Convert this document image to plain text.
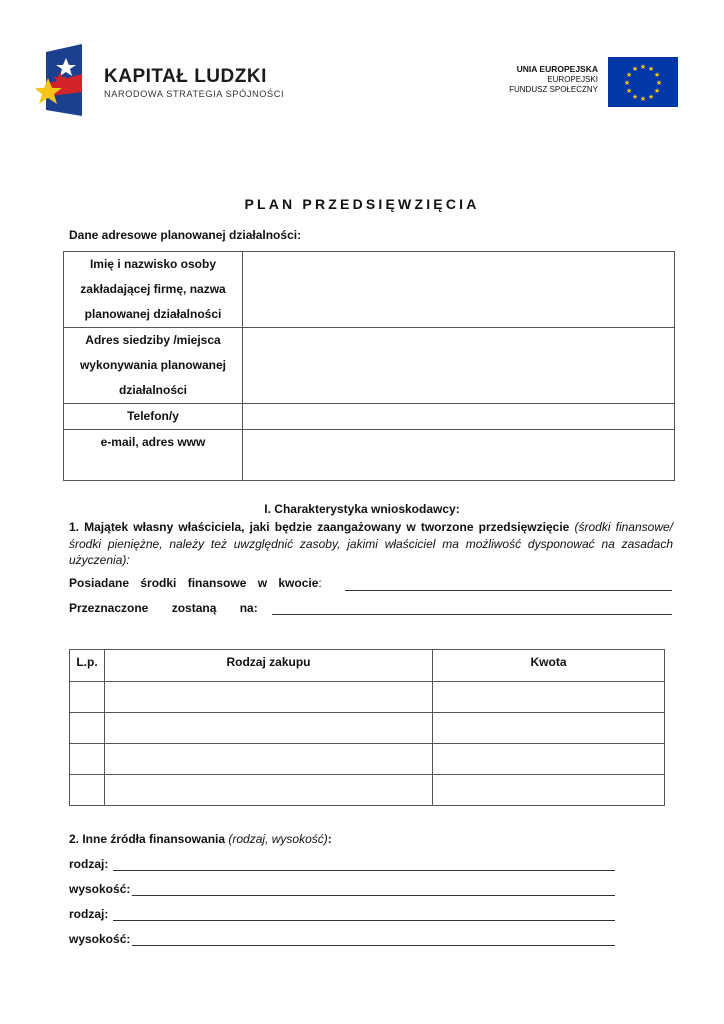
KAPITAŁ LUDZKI
NARODOWA STRATEGIA SPÓJNOŚCI
UNIA EUROPEJSKA
EUROPEJSKI
FUNDUSZ SPOŁECZNY
★ ★
★
★
★
★
★
★
★
★
★
★
PLAN PRZEDSIĘWZIĘCIA
Dane adresowe planowanej działalności:
Imię i nazwisko osoby
zakładającej firmę, nazwa
planowanej działalności	

Adres siedziby /miejsca
wykonywania planowanej
działalności	

Telefon/y	

e-mail, adres www	

I. Charakterystyka wnioskodawcy:
1. Majątek własny właściciela, jaki będzie zaangażowany w tworzone przedsięwzięcie (środki finansowe/środki pieniężne, należy też uwzględnić zasoby, jakimi właściciel ma możliwość dysponować na zasadach użyczenia):
Posiadane środki finansowe w kwocie:
Przeznaczone zostaną na:
L.p.	Rodzaj zakupu	Kwota

2. Inne źródła finansowania (rodzaj, wysokość):
rodzaj:
wysokość:
rodzaj:
wysokość:
